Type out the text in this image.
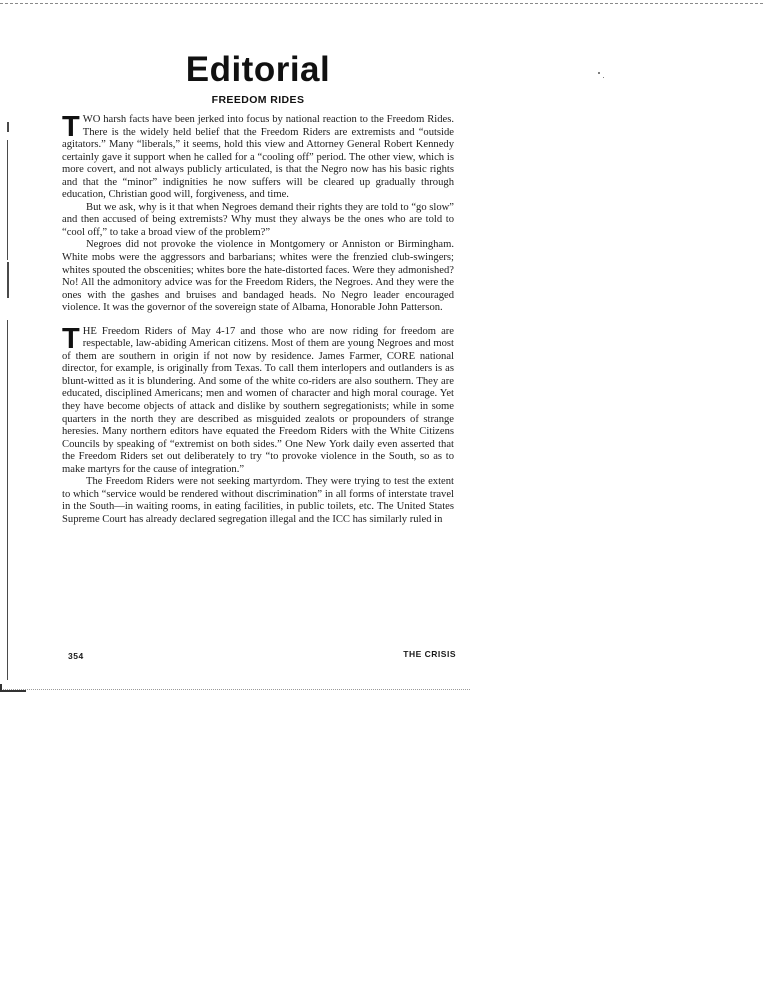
Editorial
FREEDOM RIDES

TWO harsh facts have been jerked into focus by national reaction to the Freedom Rides. There is the widely held belief that the Freedom Riders are extremists and “outside agitators.” Many “liberals,” it seems, hold this view and Attorney General Robert Kennedy certainly gave it support when he called for a “cooling off” period. The other view, which is more covert, and not always publicly articulated, is that the Negro now has his basic rights and that the “minor” indignities he now suffers will be cleared up gradually through education, Christian good will, forgiveness, and time.

But we ask, why is it that when Negroes demand their rights they are told to “go slow” and then accused of being extremists? Why must they always be the ones who are told to “cool off,” to take a broad view of the problem?”

Negroes did not provoke the violence in Montgomery or Anniston or Birmingham. White mobs were the aggressors and barbarians; whites were the frenzied club-swingers; whites spouted the obscenities; whites bore the hate-distorted faces. Were they admonished? No! All the admonitory advice was for the Freedom Riders, the Negroes. And they were the ones with the gashes and bruises and bandaged heads. No Negro leader encouraged violence. It was the governor of the sovereign state of Albama, Honorable John Patterson.

THE Freedom Riders of May 4-17 and those who are now riding for freedom are respectable, law-abiding American citizens. Most of them are young Negroes and most of them are southern in origin if not now by residence. James Farmer, CORE national director, for example, is originally from Texas. To call them interlopers and outlanders is as blunt-witted as it is blundering. And some of the white co-riders are also southern. They are educated, disciplined Americans; men and women of character and high moral courage. Yet they have become objects of attack and dislike by southern segregationists; while in some quarters in the north they are described as misguided zealots or propounders of strange heresies. Many northern editors have equated the Freedom Riders with the White Citizens Councils by speaking of “extremist on both sides.” One New York daily even asserted that the Freedom Riders set out deliberately to try “to provoke violence in the South, so as to make martyrs for the cause of integration.”

The Freedom Riders were not seeking martyrdom. They were trying to test the extent to which “service would be rendered without discrimination” in all forms of interstate travel in the South—in waiting rooms, in eating facilities, in public toilets, etc. The United States Supreme Court has already declared segregation illegal and the ICC has similarly ruled in

354	THE CRISIS
